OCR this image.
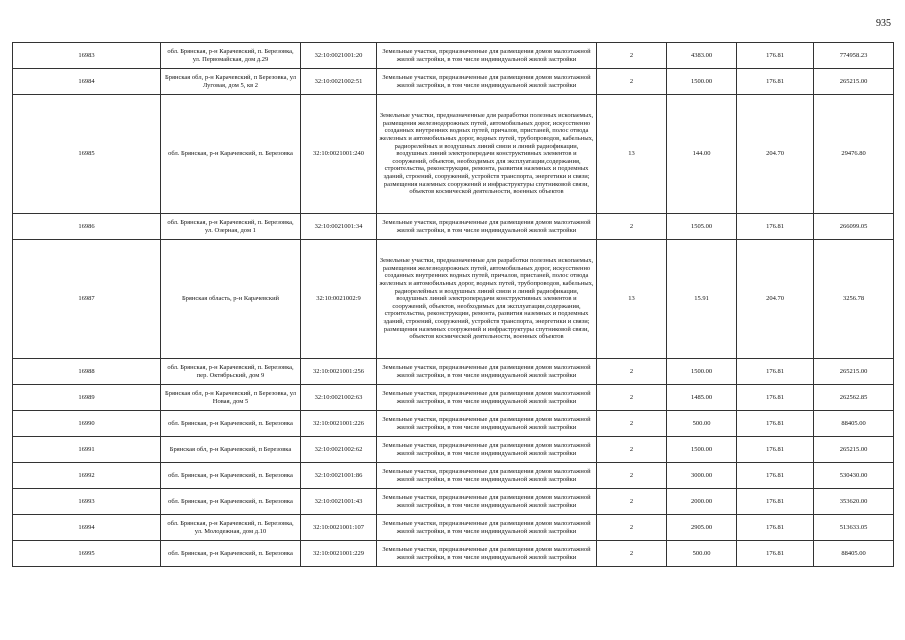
935
16983	обл. Брянская, р-н Карачевский, п. Березовка, ул. Первомайская, дом д.29	32:10:0021001:20	Земельные участки, предназначенные для размещения домов малоэтажной жилой застройки, в том числе индивидуальной жилой застройки	2	4383.00	176.81	774958.23
16984	Брянская обл, р-н Карачевский, п Березовка, ул Луговая, дом 5, кв 2	32:10:0021002:51	Земельные участки, предназначенные для размещения домов малоэтажной жилой застройки, в том числе индивидуальной жилой застройки	2	1500.00	176.81	265215.00
16985	обл. Брянская, р-н Карачевский, п. Березовка	32:10:0021001:240	Земельные участки, предназначенные для разработки полезных ископаемых, размещения железнодорожных путей, автомобильных дорог, искусственно созданных внутренних водных путей, причалов, пристаней, полос отвода железных и автомобильных дорог, водных путей, трубопроводов, кабельных, радиорелейных и воздушных линий связи и линий радиофикации, воздушных линий электропередачи конструктивных элементов и сооружений, объектов, необходимых для эксплуатации,содержания, строительства, реконструкции, ремонта, развития наземных и подземных зданий, строений, сооружений, устройств транспорта, энергетики и связи; размещения наземных сооружений и инфраструктуры спутниковой связи, объектов космической деятельности, военных объектов	13	144.00	204.70	29476.80
16986	обл. Брянская, р-н Карачевский, п. Березовка, ул. Озерная, дом 1	32:10:0021001:34	Земельные участки, предназначенные для размещения домов малоэтажной жилой застройки, в том числе индивидуальной жилой застройки	2	1505.00	176.81	266099.05
16987	Брянская область, р-н Карачевский	32:10:0021002:9	Земельные участки, предназначенные для разработки полезных ископаемых, размещения железнодорожных путей, автомобильных дорог, искусственно созданных внутренних водных путей, причалов, пристаней, полос отвода железных и автомобильных дорог, водных путей, трубопроводов, кабельных, радиорелейных и воздушных линий связи и линий радиофикации, воздушных линий электропередачи конструктивных элементов и сооружений, объектов, необходимых для эксплуатации,содержания, строительства, реконструкции, ремонта, развития наземных и подземных зданий, строений, сооружений, устройств транспорта, энергетики и связи; размещения наземных сооружений и инфраструктуры спутниковой связи, объектов космической деятельности, военных объектов	13	15.91	204.70	3256.78
16988	обл. Брянская, р-н Карачевский, п. Березовка, пер. Октябрьский, дом 9	32:10:0021001:256	Земельные участки, предназначенные для размещения домов малоэтажной жилой застройки, в том числе индивидуальной жилой застройки	2	1500.00	176.81	265215.00
16989	Брянская обл, р-н Карачевский, п Березовка, ул Новая, дом 5	32:10:0021002:63	Земельные участки, предназначенные для размещения домов малоэтажной жилой застройки, в том числе индивидуальной жилой застройки	2	1485.00	176.81	262562.85
16990	обл. Брянская, р-н Карачевский, п. Березовка	32:10:0021001:226	Земельные участки, предназначенные для размещения домов малоэтажной жилой застройки, в том числе индивидуальной жилой застройки	2	500.00	176.81	88405.00
16991	Брянская обл, р-н Карачевский, п Березовка	32:10:0021002:62	Земельные участки, предназначенные для размещения домов малоэтажной жилой застройки, в том числе индивидуальной жилой застройки	2	1500.00	176.81	265215.00
16992	обл. Брянская, р-н Карачевский, п. Березовка	32:10:0021001:86	Земельные участки, предназначенные для размещения домов малоэтажной жилой застройки, в том числе индивидуальной жилой застройки	2	3000.00	176.81	530430.00
16993	обл. Брянская, р-н Карачевский, п. Березовка	32:10:0021001:43	Земельные участки, предназначенные для размещения домов малоэтажной жилой застройки, в том числе индивидуальной жилой застройки	2	2000.00	176.81	353620.00
16994	обл. Брянская, р-н Карачевский, п. Березовка, ул. Молодежная, дом д.10	32:10:0021001:107	Земельные участки, предназначенные для размещения домов малоэтажной жилой застройки, в том числе индивидуальной жилой застройки	2	2905.00	176.81	513633.05
16995	обл. Брянская, р-н Карачевский, п. Березовка	32:10:0021001:229	Земельные участки, предназначенные для размещения домов малоэтажной жилой застройки, в том числе индивидуальной жилой застройки	2	500.00	176.81	88405.00
